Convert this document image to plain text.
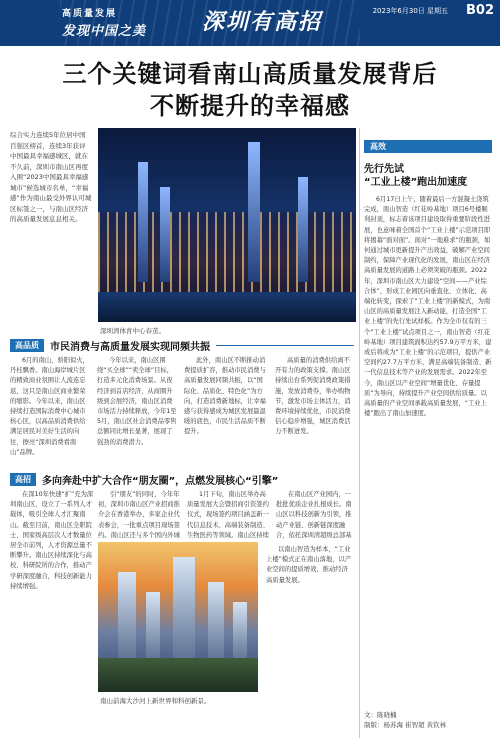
高质量发展
发现中国之美	深圳有高招	2023年6月30日 星期五 B02
三个关键词看南山高质量发展背后
不断提升的幸福感
综合实力连续5年位居中国百强区榜首，连续3年获评中国最具幸福感城区，就在不久前，深圳市南山区再度入围“2023中国最具幸福感城市”候选城市名单，“幸福感”作为南山最受外界认可城区标签之一，与南山区经济的高质量发展息息相关。
深圳湾体育中心春茧。
高效
先行先试
“工业上楼”跑出加速度
6月17日上午，随着最后一方混凝土浇筑完成，南山智造（红花岭基地）项目6号楼顺利封顶，标志着该项目建设取得重要阶段性进展，也意味着全国首个“工业上楼”示范项目即将揭幕“面对面”。面对“一地难求”的瓶颈，如何通过城市更新提升产出效益，破解产业空间制约，保障产业现代化的发展，南山区在经济高质量发展的道路上必须突破的瓶颈。2022年，深圳市南山区大力建设“空间——产业综合体”，形成工业园区向垂直化、立体化、高端化转变，探索了“工业上楼”的新模式，为南山区的高质量发展注入新动能，打造全国“工业上楼”的先行先试样板。作为全市仅有的三个“工业上楼”试点项目之一，南山智造（红花岭基地）项目建筑面积达约57.9万平方米，建成后将成为“工业上楼”的示范项目，提供产业空间约27.7万平方米，满足高端装备制造、新一代信息技术等产业的发展需求。2022年至今，南山区以产业空间“增量优化、存量提质”为导向，持续提升产业空间供给质量。以高质量的产业空间承载高质量发展，“工业上楼”跑出了南山加速度。
文：陈晓楠
制版：杨苏海 崔智超 黄钦林
高品质	市民消费与高质量发展实现同频共振
6月的南山，骄阳似火，丹桂飘香。南山海岸城片区的精致商业氛围让人流连忘返，这只是南山区商业繁荣的缩影。今年以来，南山区持续打造国际消费中心城市核心区，以高品质消费供给满足居民对美好生活的向往，擦亮“深圳消费看南山”品牌。
今年以来，南山区围绕“买全球”“卖全球”目标，打造多元化消费场景。从夜经济到首店经济，从商圈升级到会展经济，南山区消费市场活力持续释放，今年1至5月，南山区社会消费品零售总额同比增长显著，展现了强劲的消费潜力。
此外，南山区不断推动消费提质扩容，推动市民消费与高质量发展同频共振，以“国际化、品质化、特色化”为方向，打造消费新地标，让幸福感与获得感成为城区发展最温暖的底色，市民生活品质不断提升。
高质量的消费供给离不开有力的政策支撑。南山区持续出台系列促消费政策措施，发放消费券，举办购物节，激发市场主体活力，消费环境持续优化，市民消费信心稳步增强，城区消费活力不断迸发。
高招	多向奔赴中扩大合作“朋友圈”，点燃发展核心“引擎”
在深10年快速“扩”充为深圳南山区，设立了一系列人才载体，吸引全球人才汇聚南山。截至目前，南山区全职院士、国家级高层次人才数量位居全市前列，人才资源总量不断攀升。南山区持续深化与高校、科研院所的合作，推动产学研深度融合，科技创新能力持续增强。
引“朋友”的同时，今年年初，深圳市南山区产业招商推介会在香港举办，多家企业代表参会，一批重点项目现场签约。南山区还与多个国内外城
1月下旬，南山区举办高质量发展大会暨招商引资签约仪式，现场签约项目涵盖新一代信息技术、高端装备制造、生物医药等领域。南山区持续
在南山区产业园内，一批批优质企业扎根成长。南山区以科技创新为引领，推动产业链、创新链深度融合，依托深圳湾超级总部基
南山前海大沙河上新世界和科创新景。
以南山智造为样本，“工业上楼”模式正在南山落地，以产业空间的提质增效，推动经济高质量发展。
